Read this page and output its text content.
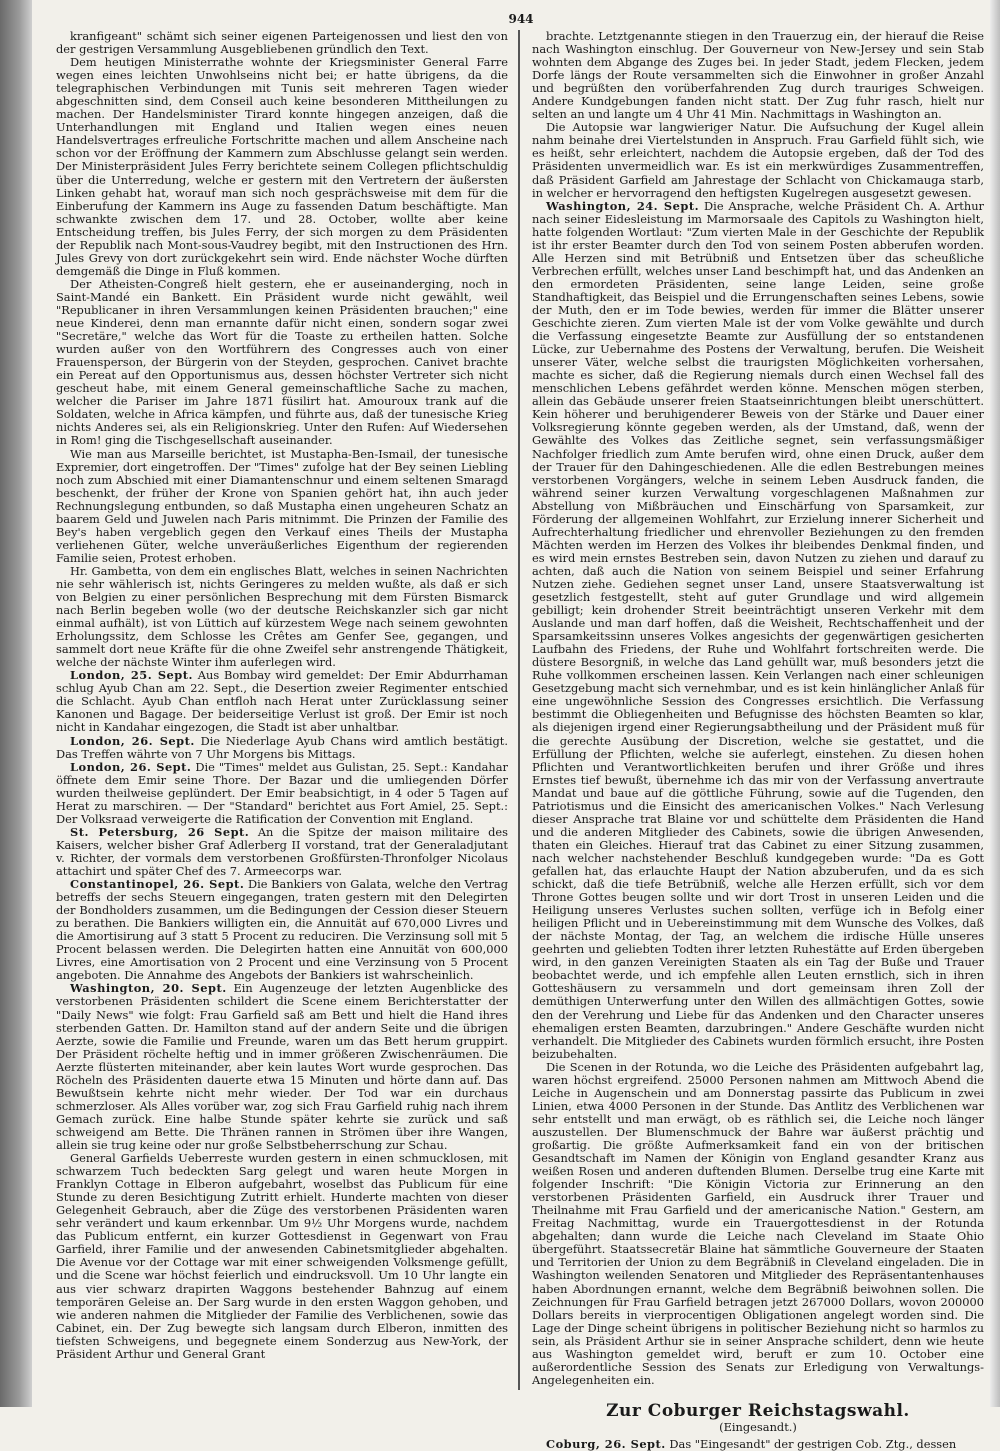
944

kranfigeant" schämt sich seiner eigenen Parteigenossen und liest den von der gestrigen Versammlung Ausgebliebenen gründlich den Text.

Dem heutigen Ministerrathe wohnte der Kriegsminister General Farre wegen eines leichten Unwohlseins nicht bei; er hatte übrigens, da die telegraphischen Verbindungen mit Tunis seit mehreren Tagen wieder abgeschnitten sind, dem Conseil auch keine besonderen Mittheilungen zu machen. Der Handelsminister Tirard konnte hingegen anzeigen, daß die Unterhandlungen mit England und Italien wegen eines neuen Handelsvertrages erfreuliche Fortschritte machen und allem Anscheine nach schon vor der Eröffnung der Kammern zum Abschlusse gelangt sein werden. Der Ministerpräsident Jules Ferry berichtete seinem Collegen pflichtschuldig über die Unterredung, welche er gestern mit den Vertretern der äußersten Linken gehabt hat, worauf man sich noch gesprächsweise mit dem für die Einberufung der Kammern ins Auge zu fassenden Datum beschäftigte. Man schwankte zwischen dem 17. und 28. October, wollte aber keine Entscheidung treffen, bis Jules Ferry, der sich morgen zu dem Präsidenten der Republik nach Mont-sous-Vaudrey begibt, mit den Instructionen des Hrn. Jules Grevy von dort zurückgekehrt sein wird. Ende nächster Woche dürften demgemäß die Dinge in Fluß kommen.

Der Atheisten-Congreß hielt gestern, ehe er auseinanderging, noch in Saint-Mandé ein Bankett. Ein Präsident wurde nicht gewählt, weil "Republicaner in ihren Versammlungen keinen Präsidenten brauchen;" eine neue Kinderei, denn man ernannte dafür nicht einen, sondern sogar zwei "Secretäre," welche das Wort für die Toaste zu ertheilen hatten. Solche wurden außer von den Wortführern des Congresses auch von einer Frauensperson, der Bürgerin von der Steyden, gesprochen. Canivet brachte ein Pereat auf den Opportunismus aus, dessen höchster Vertreter sich nicht gescheut habe, mit einem General gemeinschaftliche Sache zu machen, welcher die Pariser im Jahre 1871 füsilirt hat. Amouroux trank auf die Soldaten, welche in Africa kämpfen, und führte aus, daß der tunesische Krieg nichts Anderes sei, als ein Religionskrieg. Unter den Rufen: Auf Wiedersehen in Rom! ging die Tischgesellschaft auseinander.

Wie man aus Marseille berichtet, ist Mustapha-Ben-Ismail, der tunesische Expremier, dort eingetroffen. Der "Times" zufolge hat der Bey seinen Liebling noch zum Abschied mit einer Diamantenschnur und einem seltenen Smaragd beschenkt, der früher der Krone von Spanien gehört hat, ihn auch jeder Rechnungslegung entbunden, so daß Mustapha einen ungeheuren Schatz an baarem Geld und Juwelen nach Paris mitnimmt. Die Prinzen der Familie des Bey's haben vergeblich gegen den Verkauf eines Theils der Mustapha verliehenen Güter, welche unveräußerliches Eigenthum der regierenden Familie seien, Protest erhoben.

Hr. Gambetta, von dem ein englisches Blatt, welches in seinen Nachrichten nie sehr wählerisch ist, nichts Geringeres zu melden wußte, als daß er sich von Belgien zu einer persönlichen Besprechung mit dem Fürsten Bismarck nach Berlin begeben wolle (wo der deutsche Reichskanzler sich gar nicht einmal aufhält), ist von Lüttich auf kürzestem Wege nach seinem gewohnten Erholungssitz, dem Schlosse les Crêtes am Genfer See, gegangen, und sammelt dort neue Kräfte für die ohne Zweifel sehr anstrengende Thätigkeit, welche der nächste Winter ihm auferlegen wird.

London, 25. Sept. Aus Bombay wird gemeldet: Der Emir Abdurrhaman schlug Ayub Chan am 22. Sept., die Desertion zweier Regimenter entschied die Schlacht. Ayub Chan entfloh nach Herat unter Zurücklassung seiner Kanonen und Bagage. Der beiderseitige Verlust ist groß. Der Emir ist noch nicht in Kandahar eingezogen, die Stadt ist aber unhaltbar.

London, 26. Sept. Die Niederlage Ayub Chans wird amtlich bestätigt. Das Treffen währte von 7 Uhr Morgens bis Mittags.

London, 26. Sept. Die "Times" meldet aus Gulistan, 25. Sept.: Kandahar öffnete dem Emir seine Thore. Der Bazar und die umliegenden Dörfer wurden theilweise geplündert. Der Emir beabsichtigt, in 4 oder 5 Tagen auf Herat zu marschiren. — Der "Standard" berichtet aus Fort Amiel, 25. Sept.: Der Volksraad verweigerte die Ratification der Convention mit England.

St. Petersburg, 26 Sept. An die Spitze der maison militaire des Kaisers, welcher bisher Graf Adlerberg II vorstand, trat der Generaladjutant v. Richter, der vormals dem verstorbenen Großfürsten-Thronfolger Nicolaus attachirt und später Chef des 7. Armeecorps war.

Constantinopel, 26. Sept. Die Bankiers von Galata, welche den Vertrag betreffs der sechs Steuern eingegangen, traten gestern mit den Delegirten der Bondholders zusammen, um die Bedingungen der Cession dieser Steuern zu berathen. Die Bankiers willigten ein, die Annuität auf 670,000 Livres und die Amortisirung auf 3 statt 5 Procent zu reduciren. Die Verzinsung soll mit 5 Procent belassen werden. Die Delegirten hatten eine Annuität von 600,000 Livres, eine Amortisation von 2 Procent und eine Verzinsung von 5 Procent angeboten. Die Annahme des Angebots der Bankiers ist wahrscheinlich.

Washington, 20. Sept. Ein Augenzeuge der letzten Augenblicke des verstorbenen Präsidenten schildert die Scene einem Berichterstatter der "Daily News" wie folgt: Frau Garfield saß am Bett und hielt die Hand ihres sterbenden Gatten. Dr. Hamilton stand auf der andern Seite und die übrigen Aerzte, sowie die Familie und Freunde, waren um das Bett herum gruppirt. Der Präsident röchelte heftig und in immer größeren Zwischenräumen. Die Aerzte flüsterten miteinander, aber kein lautes Wort wurde gesprochen. Das Röcheln des Präsidenten dauerte etwa 15 Minuten und hörte dann auf. Das Bewußtsein kehrte nicht mehr wieder. Der Tod war ein durchaus schmerzloser. Als Alles vorüber war, zog sich Frau Garfield ruhig nach ihrem Gemach zurück. Eine halbe Stunde später kehrte sie zurück und saß schweigend am Bette. Die Thränen rannen in Strömen über ihre Wangen, allein sie trug keine oder nur große Selbstbeherrschung zur Schau.

General Garfields Ueberreste wurden gestern in einen schmucklosen, mit schwarzem Tuch bedeckten Sarg gelegt und waren heute Morgen in Franklyn Cottage in Elberon aufgebahrt, woselbst das Publicum für eine Stunde zu deren Besichtigung Zutritt erhielt. Hunderte machten von dieser Gelegenheit Gebrauch, aber die Züge des verstorbenen Präsidenten waren sehr verändert und kaum erkennbar. Um 9½ Uhr Morgens wurde, nachdem das Publicum entfernt, ein kurzer Gottesdienst in Gegenwart von Frau Garfield, ihrer Familie und der anwesenden Cabinetsmitglieder abgehalten. Die Avenue vor der Cottage war mit einer schweigenden Volksmenge gefüllt, und die Scene war höchst feierlich und eindrucksvoll. Um 10 Uhr langte ein aus vier schwarz drapirten Waggons bestehender Bahnzug auf einem temporären Geleise an. Der Sarg wurde in den ersten Waggon gehoben, und wie anderen nahmen die Mitglieder der Familie des Verblichenen, sowie das Cabinet, ein. Der Zug bewegte sich langsam durch Elberon, inmitten des tiefsten Schweigens, und begegnete einem Sonderzug aus New-York, der Präsident Arthur und General Grant

brachte. Letztgenannte stiegen in den Trauerzug ein, der hierauf die Reise nach Washington einschlug. Der Gouverneur von New-Jersey und sein Stab wohnten dem Abgange des Zuges bei. In jeder Stadt, jedem Flecken, jedem Dorfe längs der Route versammelten sich die Einwohner in großer Anzahl und begrüßten den vorüberfahrenden Zug durch trauriges Schweigen. Andere Kundgebungen fanden nicht statt. Der Zug fuhr rasch, hielt nur selten an und langte um 4 Uhr 41 Min. Nachmittags in Washington an.

Die Autopsie war langwieriger Natur. Die Aufsuchung der Kugel allein nahm beinahe drei Viertelstunden in Anspruch. Frau Garfield fühlt sich, wie es heißt, sehr erleichtert, nachdem die Autopsie ergeben, daß der Tod des Präsidenten unvermeidlich war. Es ist ein merkwürdiges Zusammentreffen, daß Präsident Garfield am Jahrestage der Schlacht von Chickamauga starb, in welcher er hervorragend den heftigsten Kugelregen ausgesetzt gewesen.

Washington, 24. Sept. Die Ansprache, welche Präsident Ch. A. Arthur nach seiner Eidesleistung im Marmorsaale des Capitols zu Washington hielt, hatte folgenden Wortlaut: "Zum vierten Male in der Geschichte der Republik ist ihr erster Beamter durch den Tod von seinem Posten abberufen worden. Alle Herzen sind mit Betrübniß und Entsetzen über das scheußliche Verbrechen erfüllt, welches unser Land beschimpft hat, und das Andenken an den ermordeten Präsidenten, seine lange Leiden, seine große Standhaftigkeit, das Beispiel und die Errungenschaften seines Lebens, sowie der Muth, den er im Tode bewies, werden für immer die Blätter unserer Geschichte zieren. Zum vierten Male ist der vom Volke gewählte und durch die Verfassung eingesetzte Beamte zur Ausfüllung der so entstandenen Lücke, zur Uebernahme des Postens der Verwaltung, berufen. Die Weisheit unserer Väter, welche selbst die traurigsten Möglichkeiten vorhersahen, machte es sicher, daß die Regierung niemals durch einen Wechsel fall des menschlichen Lebens gefährdet werden könne. Menschen mögen sterben, allein das Gebäude unserer freien Staatseinrichtungen bleibt unerschüttert. Kein höherer und beruhigenderer Beweis von der Stärke und Dauer einer Volksregierung könnte gegeben werden, als der Umstand, daß, wenn der Gewählte des Volkes das Zeitliche segnet, sein verfassungsmäßiger Nachfolger friedlich zum Amte berufen wird, ohne einen Druck, außer dem der Trauer für den Dahingeschiedenen. Alle die edlen Bestrebungen meines verstorbenen Vorgängers, welche in seinem Leben Ausdruck fanden, die während seiner kurzen Verwaltung vorgeschlagenen Maßnahmen zur Abstellung von Mißbräuchen und Einschärfung von Sparsamkeit, zur Förderung der allgemeinen Wohlfahrt, zur Erzielung innerer Sicherheit und Aufrechterhaltung friedlicher und ehrenvoller Beziehungen zu den fremden Mächten werden im Herzen des Volkes ihr bleibendes Denkmal finden, und es wird mein ernstes Bestreben sein, davon Nutzen zu ziehen und darauf zu achten, daß auch die Nation von seinem Beispiel und seiner Erfahrung Nutzen ziehe. Gediehen segnet unser Land, unsere Staatsverwaltung ist gesetzlich festgestellt, steht auf guter Grundlage und wird allgemein gebilligt; kein drohender Streit beeinträchtigt unseren Verkehr mit dem Auslande und man darf hoffen, daß die Weisheit, Rechtschaffenheit und der Sparsamkeitssinn unseres Volkes angesichts der gegenwärtigen gesicherten Laufbahn des Friedens, der Ruhe und Wohlfahrt fortschreiten werde. Die düstere Besorgniß, in welche das Land gehüllt war, muß besonders jetzt die Ruhe vollkommen erscheinen lassen. Kein Verlangen nach einer schleunigen Gesetzgebung macht sich vernehmbar, und es ist kein hinlänglicher Anlaß für eine ungewöhnliche Session des Congresses ersichtlich. Die Verfassung bestimmt die Obliegenheiten und Befugnisse des höchsten Beamten so klar, als diejenigen irgend einer Regierungsabtheilung und der Präsident muß für die gerechte Ausübung der Discretion, welche sie gestattet, und die Erfüllung der Pflichten, welche sie auferlegt, einstehen. Zu diesen hohen Pflichten und Verantwortlichkeiten berufen und ihrer Größe und ihres Ernstes tief bewußt, übernehme ich das mir von der Verfassung anvertraute Mandat und baue auf die göttliche Führung, sowie auf die Tugenden, den Patriotismus und die Einsicht des americanischen Volkes." Nach Verlesung dieser Ansprache trat Blaine vor und schüttelte dem Präsidenten die Hand und die anderen Mitglieder des Cabinets, sowie die übrigen Anwesenden, thaten ein Gleiches. Hierauf trat das Cabinet zu einer Sitzung zusammen, nach welcher nachstehender Beschluß kundgegeben wurde: "Da es Gott gefallen hat, das erlauchte Haupt der Nation abzuberufen, und da es sich schickt, daß die tiefe Betrübniß, welche alle Herzen erfüllt, sich vor dem Throne Gottes beugen sollte und wir dort Trost in unseren Leiden und die Heiligung unseres Verlustes suchen sollten, verfüge ich in Befolg einer heiligen Pflicht und in Uebereinstimmung mit dem Wunsche des Volkes, daß der nächste Montag, der Tag, an welchem die irdische Hülle unseres geehrten und geliebten Todten ihrer letzten Ruhestätte auf Erden übergeben wird, in den ganzen Vereinigten Staaten als ein Tag der Buße und Trauer beobachtet werde, und ich empfehle allen Leuten ernstlich, sich in ihren Gotteshäusern zu versammeln und dort gemeinsam ihren Zoll der demüthigen Unterwerfung unter den Willen des allmächtigen Gottes, sowie den der Verehrung und Liebe für das Andenken und den Character unseres ehemaligen ersten Beamten, darzubringen." Andere Geschäfte wurden nicht verhandelt. Die Mitglieder des Cabinets wurden förmlich ersucht, ihre Posten beizubehalten.

Die Scenen in der Rotunda, wo die Leiche des Präsidenten aufgebahrt lag, waren höchst ergreifend. 25000 Personen nahmen am Mittwoch Abend die Leiche in Augenschein und am Donnerstag passirte das Publicum in zwei Linien, etwa 4000 Personen in der Stunde. Das Antlitz des Verblichenen war sehr entstellt und man erwägt, ob es räthlich sei, die Leiche noch länger auszustellen. Der Blumenschmuck der Bahre war äußerst prächtig und großartig. Die größte Aufmerksamkeit fand ein von der britischen Gesandtschaft im Namen der Königin von England gesandter Kranz aus weißen Rosen und anderen duftenden Blumen. Derselbe trug eine Karte mit folgender Inschrift: "Die Königin Victoria zur Erinnerung an den verstorbenen Präsidenten Garfield, ein Ausdruck ihrer Trauer und Theilnahme mit Frau Garfield und der americanische Nation." Gestern, am Freitag Nachmittag, wurde ein Trauergottesdienst in der Rotunda abgehalten; dann wurde die Leiche nach Cleveland im Staate Ohio übergeführt. Staatssecretär Blaine hat sämmtliche Gouverneure der Staaten und Territorien der Union zu dem Begräbniß in Cleveland eingeladen. Die in Washington weilenden Senatoren und Mitglieder des Repräsentantenhauses haben Abordnungen ernannt, welche dem Begräbniß beiwohnen sollen. Die Zeichnungen für Frau Garfield betragen jetzt 267000 Dollars, wovon 200000 Dollars bereits in vierprocentigen Obligationen angelegt worden sind. Die Lage der Dinge scheint übrigens in politischer Beziehung nicht so harmlos zu sein, als Präsident Arthur sie in seiner Ansprache schildert, denn wie heute aus Washington gemeldet wird, beruft er zum 10. October eine außerordentliche Session des Senats zur Erledigung von Verwaltungs-Angelegenheiten ein.

Zur Coburger Reichstagswahl.
(Eingesandt.)

Coburg, 26. Sept. Das "Eingesandt" der gestrigen Cob. Ztg., dessen
